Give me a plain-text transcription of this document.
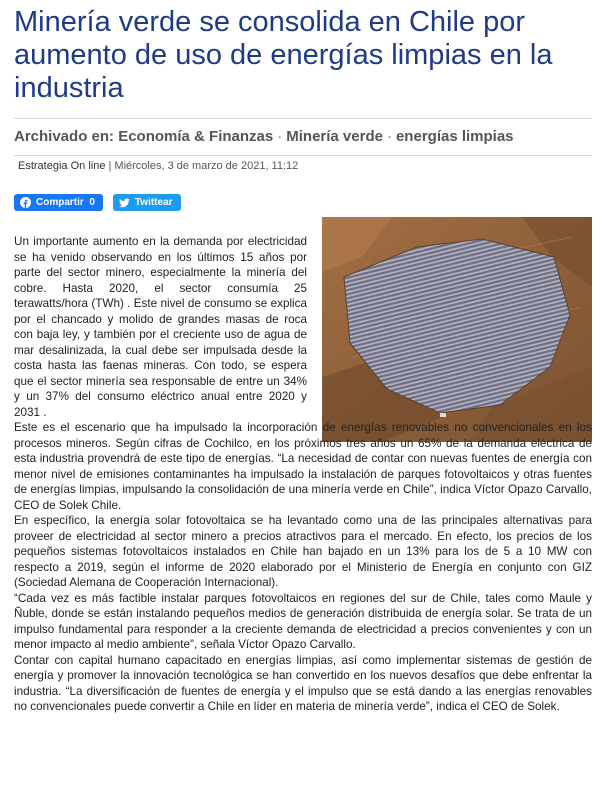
Minería verde se consolida en Chile por aumento de uso de energías limpias en la industria
Archivado en: Economía & Finanzas · Minería verde · energías limpias
Estrategia On line | Miércoles, 3 de marzo de 2021, 11:12
Compartir
0	Twittear

Un importante aumento en la demanda por electricidad se ha venido observando en los últimos 15 años por parte del sector minero, especialmente la minería del cobre. Hasta 2020, el sector consumía 25 terawatts/hora (TWh) . Este nivel de consumo se explica por el chancado y molido de grandes masas de roca con baja ley, y también por el creciente uso de agua de mar desalinizada, la cual debe ser impulsada desde la costa hasta las faenas mineras. Con todo, se espera que el sector minería sea responsable de entre un 34% y un 37% del consumo eléctrico anual entre 2020 y 2031 .

Este es el escenario que ha impulsado la incorporación de energías renovables no convencionales en los procesos mineros. Según cifras de Cochilco, en los próximos tres años un 65% de la demanda eléctrica de esta industria provendrá de este tipo de energías. “La necesidad de contar con nuevas fuentes de energía con menor nivel de emisiones contaminantes ha impulsado la instalación de parques fotovoltaicos y otras fuentes de energías limpias, impulsando la consolidación de una minería verde en Chile”, indica Víctor Opazo Carvallo, CEO de Solek Chile.

En específico, la energía solar fotovoltaica se ha levantado como una de las principales alternativas para proveer de electricidad al sector minero a precios atractivos para el mercado. En efecto, los precios de los pequeños sistemas fotovoltaicos instalados en Chile han bajado en un 13% para los de 5 a 10 MW con respecto a 2019, según el informe de 2020 elaborado por el Ministerio de Energía en conjunto con GIZ (Sociedad Alemana de Cooperación Internacional).

“Cada vez es más factible instalar parques fotovoltaicos en regiones del sur de Chile, tales como Maule y Ñuble, donde se están instalando pequeños medios de generación distribuida de energía solar. Se trata de un impulso fundamental para responder a la creciente demanda de electricidad a precios convenientes y con un menor impacto al medio ambiente”, señala Víctor Opazo Carvallo.

Contar con capital humano capacitado en energías limpias, así como implementar sistemas de gestión de energía y promover la innovación tecnológica se han convertido en los nuevos desafíos que debe enfrentar la industria. “La diversificación de fuentes de energía y el impulso que se está dando a las energías renovables no convencionales puede convertir a Chile en líder en materia de minería verde”, indica el CEO de Solek.
